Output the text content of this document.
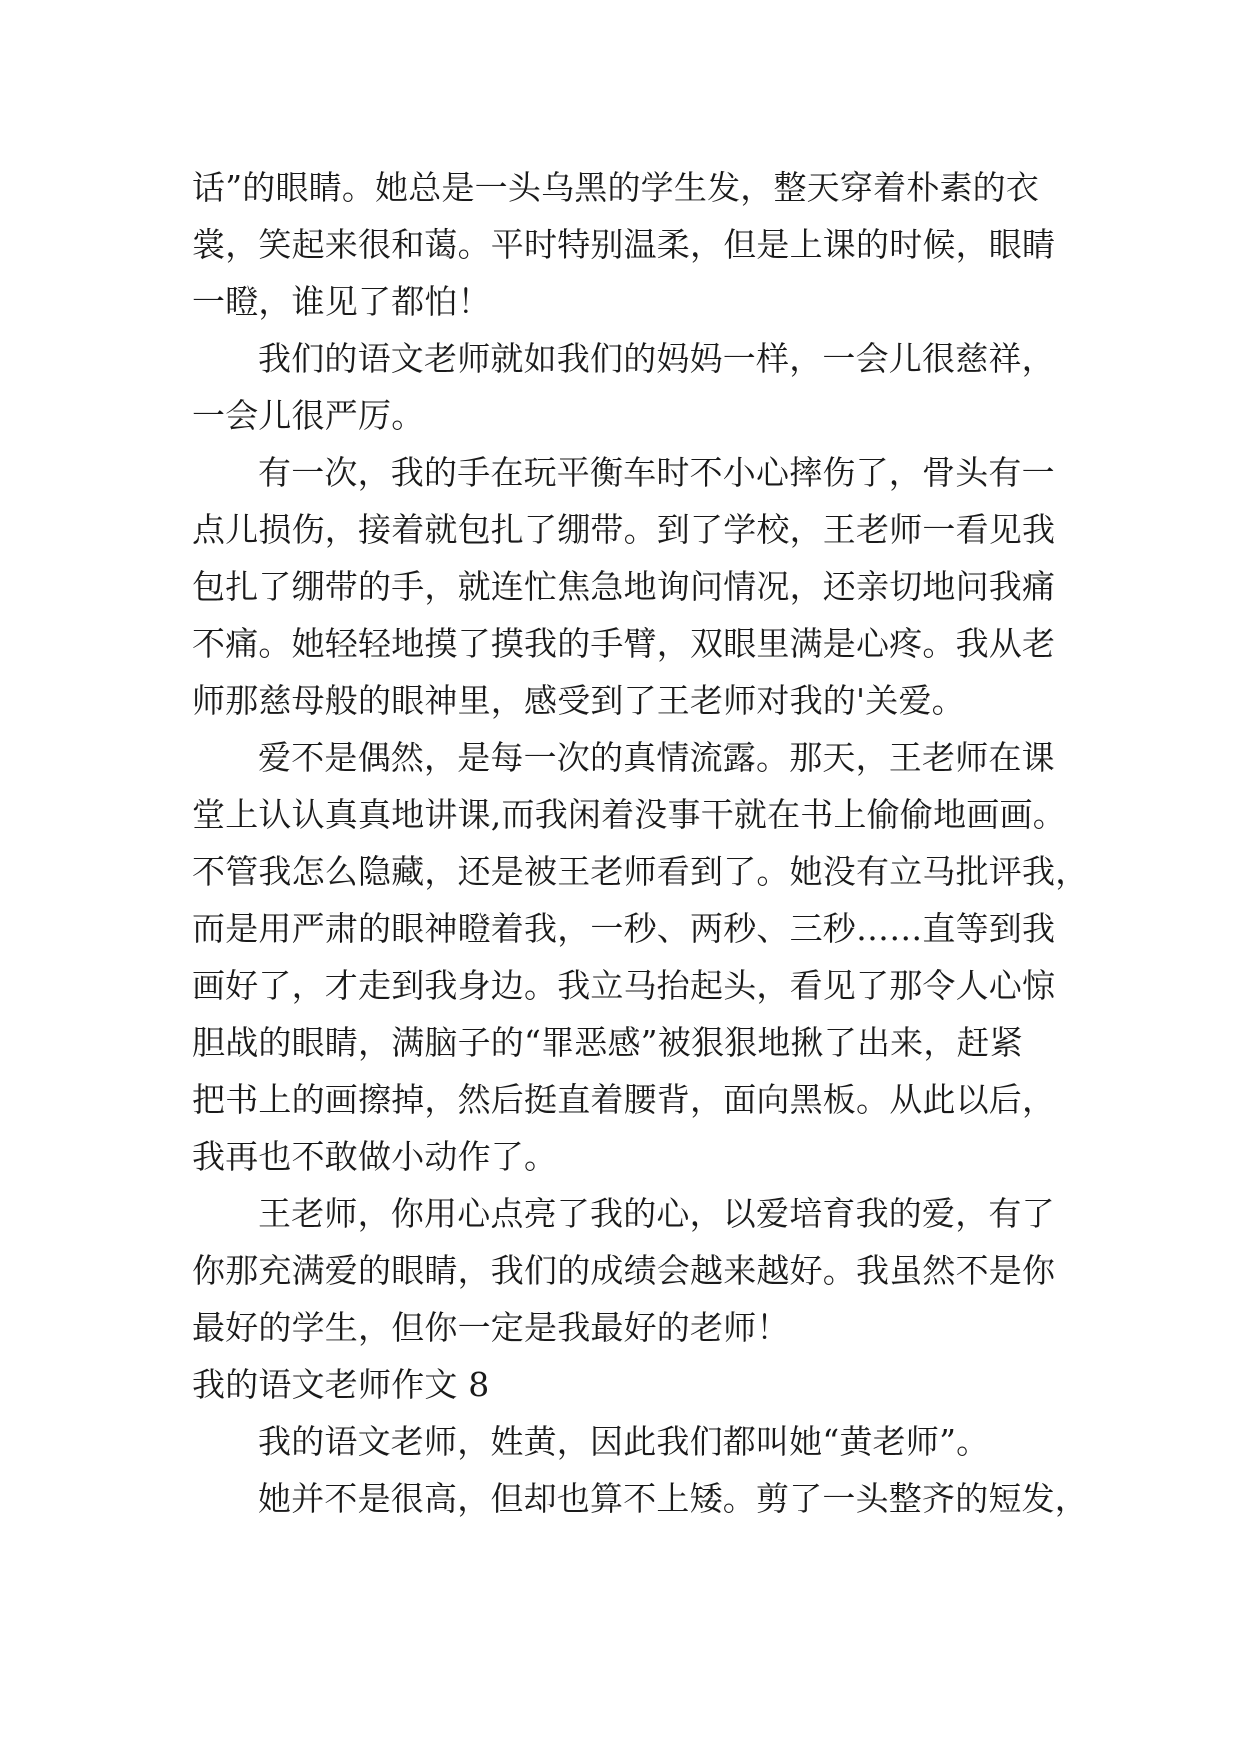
话”的眼睛。她总是一头乌黑的学生发，整天穿着朴素的衣
裳，笑起来很和蔼。平时特别温柔，但是上课的时候，眼睛
一瞪，谁见了都怕！
我们的语文老师就如我们的妈妈一样，一会儿很慈祥，
一会儿很严厉。
有一次，我的手在玩平衡车时不小心摔伤了，骨头有一
点儿损伤，接着就包扎了绷带。到了学校，王老师一看见我
包扎了绷带的手，就连忙焦急地询问情况，还亲切地问我痛
不痛。她轻轻地摸了摸我的手臂，双眼里满是心疼。我从老
师那慈母般的眼神里，感受到了王老师对我的'关爱。
爱不是偶然，是每一次的真情流露。那天，王老师在课
堂上认认真真地讲课,而我闲着没事干就在书上偷偷地画画。
不管我怎么隐藏，还是被王老师看到了。她没有立马批评我，
而是用严肃的眼神瞪着我，一秒、两秒、三秒……直等到我
画好了，才走到我身边。我立马抬起头，看见了那令人心惊
胆战的眼睛，满脑子的“罪恶感”被狠狠地揪了出来，赶紧
把书上的画擦掉，然后挺直着腰背，面向黑板。从此以后，
我再也不敢做小动作了。
王老师，你用心点亮了我的心，以爱培育我的爱，有了
你那充满爱的眼睛，我们的成绩会越来越好。我虽然不是你
最好的学生，但你一定是我最好的老师！
我的语文老师作文 8
我的语文老师，姓黄，因此我们都叫她“黄老师”。
她并不是很高，但却也算不上矮。剪了一头整齐的短发，
